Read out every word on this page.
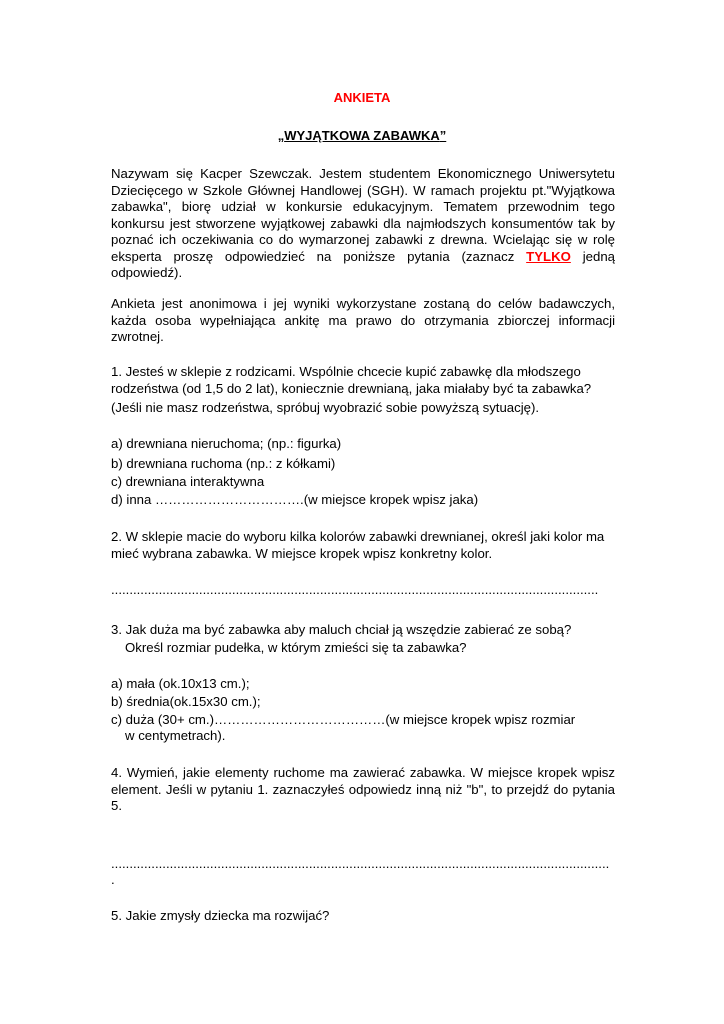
ANKIETA
„WYJĄTKOWA ZABAWKA”
Nazywam się Kacper Szewczak. Jestem studentem Ekonomicznego Uniwersytetu Dziecięcego w Szkole Głównej Handlowej (SGH). W ramach projektu pt."Wyjątkowa zabawka", biorę udział w konkursie edukacyjnym. Tematem przewodnim tego konkursu jest stworzene wyjątkowej zabawki dla najmłodszych konsumentów tak by poznać ich oczekiwania co do wymarzonej zabawki z drewna. Wcielając się w rolę eksperta proszę odpowiedzieć na poniższe pytania (zaznacz TYLKO jedną odpowiedź).
Ankieta jest anonimowa i jej wyniki wykorzystane zostaną do celów badawczych, każda osoba wypełniająca ankitę ma prawo do otrzymania zbiorczej informacji zwrotnej.
1. Jesteś w sklepie z rodzicami. Wspólnie chcecie kupić zabawkę dla młodszego rodzeństwa (od 1,5 do 2 lat), koniecznie drewnianą, jaka miałaby być ta zabawka?
(Jeśli nie masz rodzeństwa, spróbuj wyobrazić sobie powyższą sytuację).
a) drewniana nieruchoma; (np.: figurka)
b) drewniana ruchoma (np.: z kółkami)
c) drewniana interaktywna
d) inna …………………………….(w miejsce kropek wpisz jaka)
2. W sklepie macie do wyboru kilka kolorów zabawki drewnianej, określ jaki kolor ma mieć wybrana zabawka. W miejsce kropek wpisz konkretny kolor.
.....................................................................................................................................
3. Jak duża ma być zabawka aby maluch chciał ją wszędzie zabierać ze sobą?
Określ rozmiar pudełka, w którym zmieści się ta zabawka?
a) mała (ok.10x13 cm.);
b) średnia(ok.15x30 cm.);
c) duża (30+ cm.)…………………………………(w miejsce kropek wpisz rozmiar
w centymetrach).
4. Wymień, jakie elementy ruchome ma zawierać zabawka. W miejsce kropek wpisz element. Jeśli w pytaniu 1. zaznaczyłeś odpowiedz inną niż "b", to przejdź do pytania 5.
........................................................................................................................................
.
5. Jakie zmysły dziecka ma rozwijać?
